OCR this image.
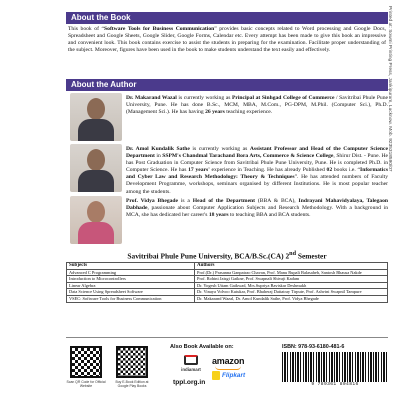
About the Book
This book of “Software Tools for Business Communication” provides basic concepts related to Word processing and Google Docs, Spreadsheet and Google Sheets, Google Slider, Google Forms, Calendar etc. Every attempt has been made to give this book an impressive and convenient look. This book contains exercise to assist the students in preparing for the examination. Facilitate proper understanding of the subject. Moreover, figures have been used in the book to make students understand the text easily and effectively.
About the Author
Dr. Makarand Wazal is currently working as Principal at Sinhgad College of Commerce / Savitribai Phule Pune University, Pune. He has done B.Sc., MCM, MBA, M.Com., PG-DPM, M.Phil. (Computer Sci.), Ph.D.(Management Sci.). He has having 26 years teaching experience.
Dr. Amol Kundalik Sathe is currently working as Assistant Professor and Head of the Computer Science Department in SSPM's Chandmal Tarachand Bora Arts, Commerce & Science College, Shirur Dist. - Pune. He has Post Graduation in Computer Science from Savitribai Phule Pune University, Pune. He is completed Ph.D. in Computer Science. He has 17 years' experience in Teaching. He has already Published 02 books i.e. “Informatics and Cyber Law and Research Methodology: Theory & Techniques”. He has attended numbers of Faculty Development Programme, workshops, seminars organised by different Institutions. He is most popular teacher among the students.
Prof. Vidya Bhegade is a Head of the Department (BBA & BCA), Indrayani Mahavidyalaya, Talegaon Dabhade, passionate about Computer Application Subjects and Research Methodology. With a background in MCA, she has dedicated her career's 18 years to teaching BBA and BCA students.
Savitribai Phule Pune University, BCA/B.Sc.(CA) 2nd Semester
Subjects	Authors
Advanced C Programming	Prof.(Dr.) Prasanna Ganpatrao Chavan, Prof. Manu Rupali Balasaheb, Santosh Bhausa Nakde
Introduction to Microcontrollers	Prof. Rohini Jaisgi Gaikne, Prof. Swapnali Shivaji Kadam
Linear Algebra	Dr. Yogesh Uttam Gaikwad, Mrs.Supriya Baviskar Deshmukh
Data Science Using Spreadsheet Software	Dr. Vinaya Volvoo Kutukar, Prof. Bhaheraj Dattatray Tirpute, Prof. Ashvini Swapnil Tampure
VSEC: Software Tools for Business Communication	Dr. Makarand Wazal, Dr. Amol Kundalik Sathe, Prof. Vidya Bhegade
Scan QR Code for Official Website
Buy E-Book Edition at Google Play Books
Also Book Available on:
indiamart
amazon
Flipkart
tppl.org.in
ISBN: 978-93-6180-481-6
9 789361 804816
Printed at: Sowmi Printing Press, Jankipuram, Lucknow. Mob. 9235318590/07
